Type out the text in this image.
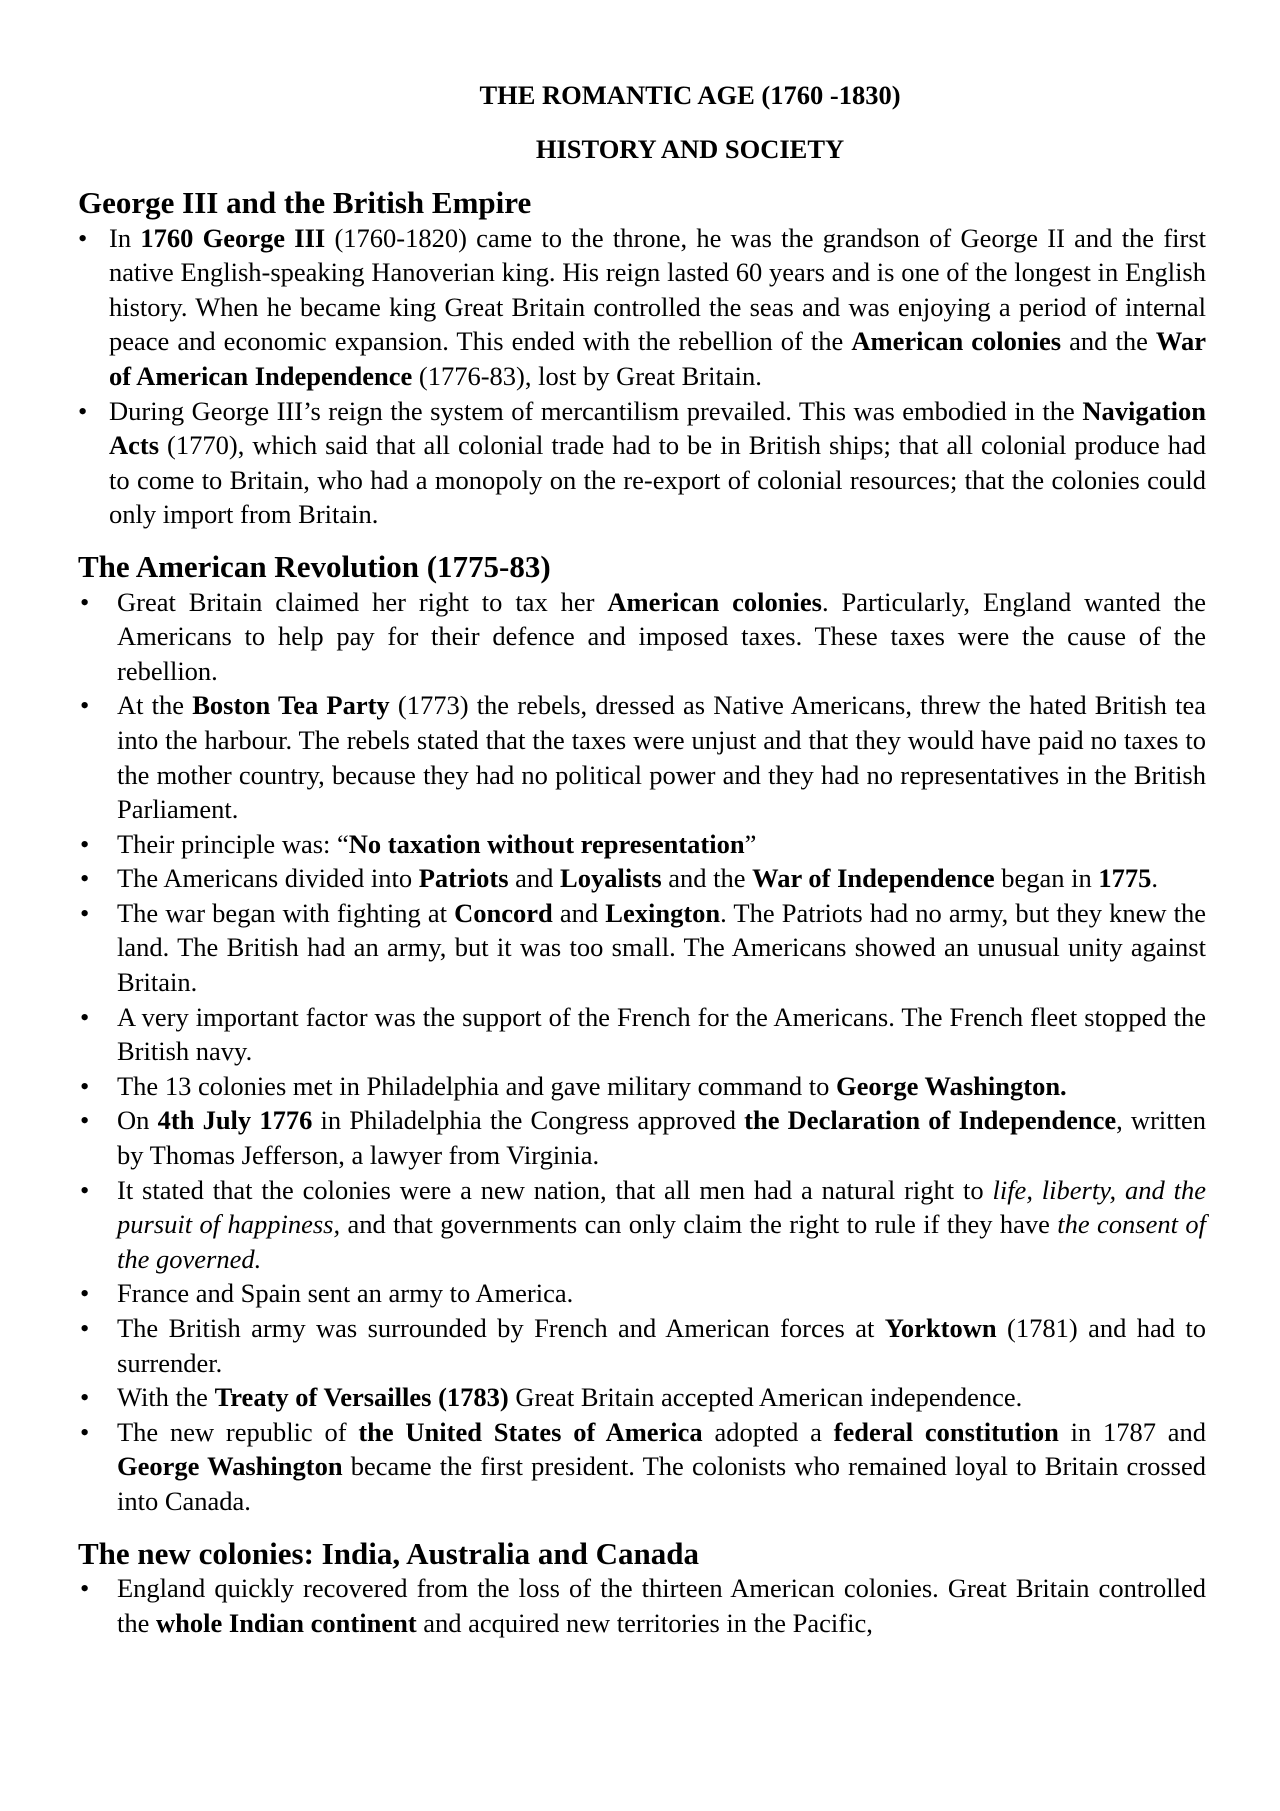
THE ROMANTIC AGE (1760 -1830)
HISTORY AND SOCIETY
George III and the British Empire
• In 1760 George III (1760-1820) came to the throne, he was the grandson of George II and the first native English-speaking Hanoverian king. His reign lasted 60 years and is one of the longest in English history. When he became king Great Britain controlled the seas and was enjoying a period of internal peace and economic expansion. This ended with the rebellion of the American colonies and the War of American Independence (1776-83), lost by Great Britain.
• During George III’s reign the system of mercantilism prevailed. This was embodied in the Navigation Acts (1770), which said that all colonial trade had to be in British ships; that all colonial produce had to come to Britain, who had a monopoly on the re-export of colonial resources; that the colonies could only import from Britain.
The American Revolution (1775-83)
• Great Britain claimed her right to tax her American colonies. Particularly, England wanted the Americans to help pay for their defence and imposed taxes. These taxes were the cause of the rebellion.
• At the Boston Tea Party (1773) the rebels, dressed as Native Americans, threw the hated British tea into the harbour. The rebels stated that the taxes were unjust and that they would have paid no taxes to the mother country, because they had no political power and they had no representatives in the British Parliament.
• Their principle was: “No taxation without representation”
• The Americans divided into Patriots and Loyalists and the War of Independence began in 1775.
• The war began with fighting at Concord and Lexington. The Patriots had no army, but they knew the land. The British had an army, but it was too small. The Americans showed an unusual unity against Britain.
• A very important factor was the support of the French for the Americans. The French fleet stopped the British navy.
• The 13 colonies met in Philadelphia and gave military command to George Washington.
• On 4th July 1776 in Philadelphia the Congress approved the Declaration of Independence, written by Thomas Jefferson, a lawyer from Virginia.
• It stated that the colonies were a new nation, that all men had a natural right to life, liberty, and the pursuit of happiness, and that governments can only claim the right to rule if they have the consent of the governed.
• France and Spain sent an army to America.
• The British army was surrounded by French and American forces at Yorktown (1781) and had to surrender.
• With the Treaty of Versailles (1783) Great Britain accepted American independence.
• The new republic of the United States of America adopted a federal constitution in 1787 and George Washington became the first president. The colonists who remained loyal to Britain crossed into Canada.
The new colonies: India, Australia and Canada
• England quickly recovered from the loss of the thirteen American colonies. Great Britain controlled the whole Indian continent and acquired new territories in the Pacific,
